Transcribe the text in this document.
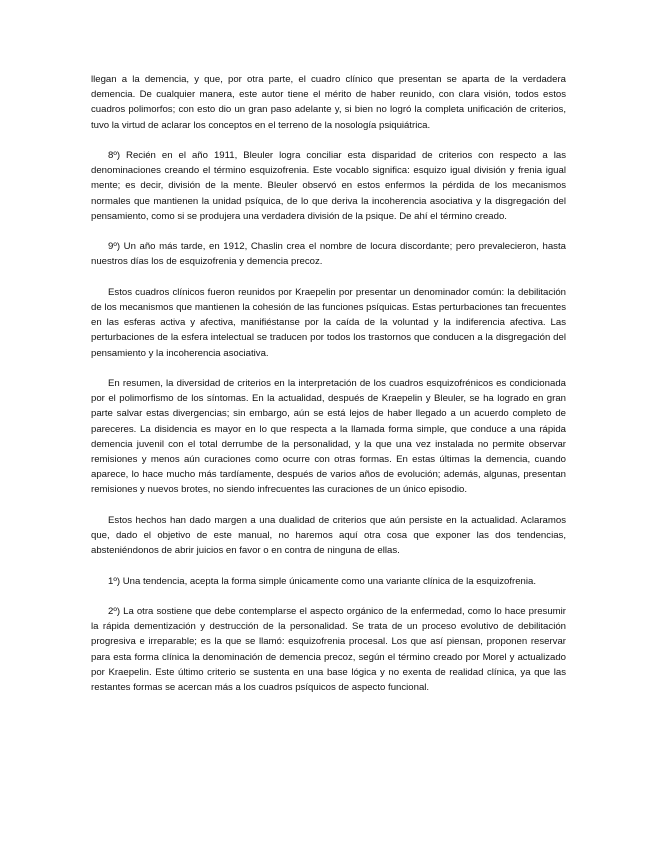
llegan a la demencia, y que, por otra parte, el cuadro clínico que presentan se aparta de la verdadera demencia. De cualquier manera, este autor tiene el mérito de haber reunido, con clara visión, todos estos cuadros polimorfos; con esto dio un gran paso adelante y, si bien no logró la completa unificación de criterios, tuvo la virtud de aclarar los conceptos en el terreno de la nosología psiquiátrica.

8º) Recién en el año 1911, Bleuler logra conciliar esta disparidad de criterios con respecto a las denominaciones creando el término esquizofrenia. Este vocablo significa: esquizo igual división y frenia igual mente; es decir, división de la mente. Bleuler observó en estos enfermos la pérdida de los mecanismos normales que mantienen la unidad psíquica, de lo que deriva la incoherencia asociativa y la disgregación del pensamiento, como si se produjera una verdadera división de la psique. De ahí el término creado.

9º) Un año más tarde, en 1912, Chaslin crea el nombre de locura discordante; pero prevalecieron, hasta nuestros días los de esquizofrenia y demencia precoz.

Estos cuadros clínicos fueron reunidos por Kraepelin por presentar un denominador común: la debilitación de los mecanismos que mantienen la cohesión de las funciones psíquicas. Estas perturbaciones tan frecuentes en las esferas activa y afectiva, manifiéstanse por la caída de la voluntad y la indiferencia afectiva. Las perturbaciones de la esfera intelectual se traducen por todos los trastornos que conducen a la disgregación del pensamiento y la incoherencia asociativa.

En resumen, la diversidad de criterios en la interpretación de los cuadros esquizofrénicos es condicionada por el polimorfismo de los síntomas. En la actualidad, después de Kraepelin y Bleuler, se ha logrado en gran parte salvar estas divergencias; sin embargo, aún se está lejos de haber llegado a un acuerdo completo de pareceres. La disidencia es mayor en lo que respecta a la llamada forma simple, que conduce a una rápida demencia juvenil con el total derrumbe de la personalidad, y la que una vez instalada no permite observar remisiones y menos aún curaciones como ocurre con otras formas. En estas últimas la demencia, cuando aparece, lo hace mucho más tardíamente, después de varios años de evolución; además, algunas, presentan remisiones y nuevos brotes, no siendo infrecuentes las curaciones de un único episodio.

Estos hechos han dado margen a una dualidad de criterios que aún persiste en la actualidad. Aclaramos que, dado el objetivo de este manual, no haremos aquí otra cosa que exponer las dos tendencias, absteniéndonos de abrir juicios en favor o en contra de ninguna de ellas.

1º) Una tendencia, acepta la forma simple únicamente como una variante clínica de la esquizofrenia.

2º) La otra sostiene que debe contemplarse el aspecto orgánico de la enfermedad, como lo hace presumir la rápida dementización y destrucción de la personalidad. Se trata de un proceso evolutivo de debilitación progresiva e irreparable; es la que se llamó: esquizofrenia procesal. Los que así piensan, proponen reservar para esta forma clínica la denominación de demencia precoz, según el término creado por Morel y actualizado por Kraepelin. Este último criterio se sustenta en una base lógica y no exenta de realidad clínica, ya que las restantes formas se acercan más a los cuadros psíquicos de aspecto funcional.
